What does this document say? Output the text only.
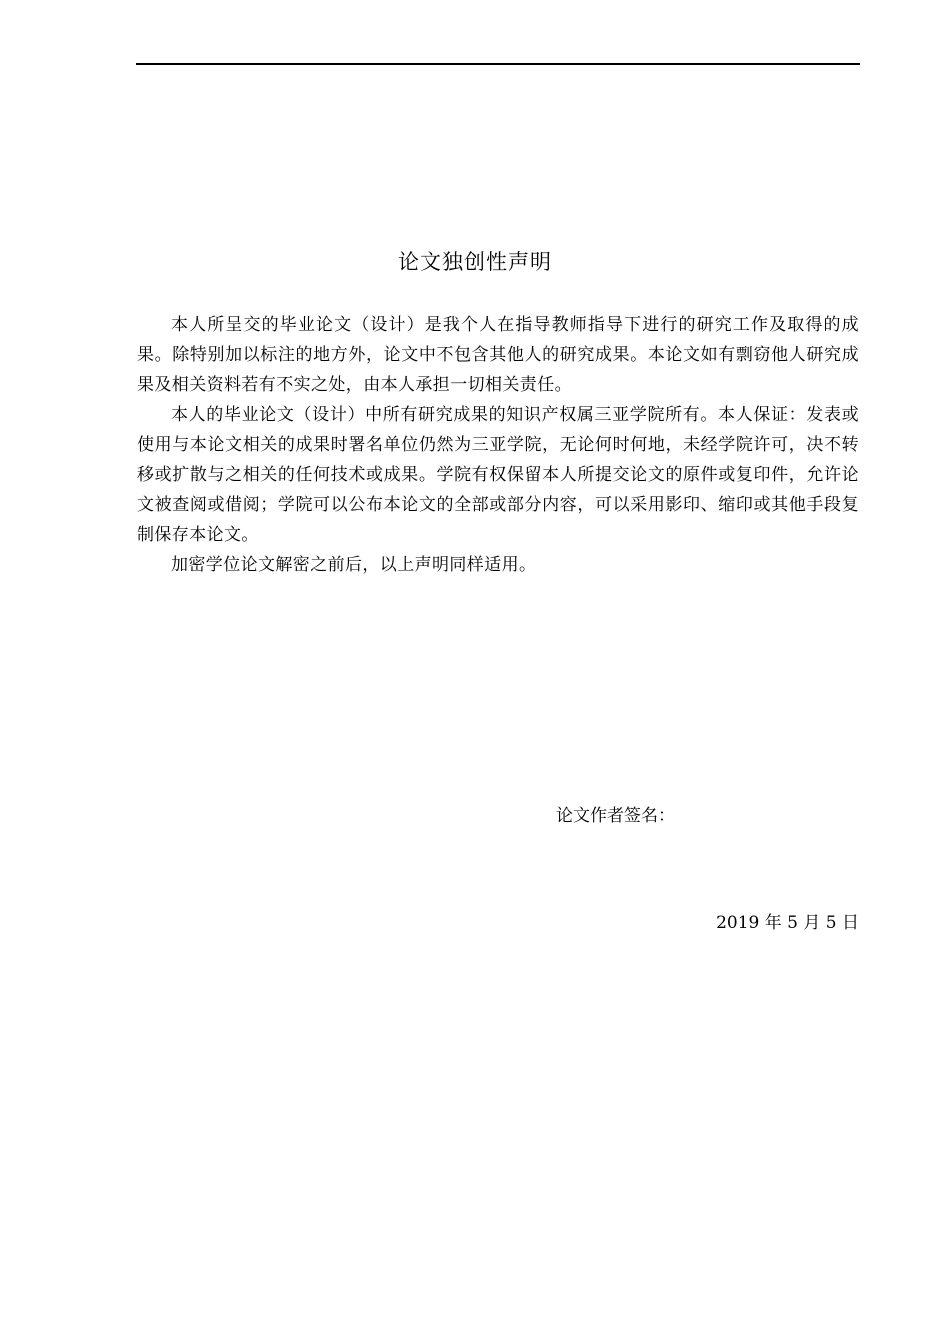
论文独创性声明

本人所呈交的毕业论文（设计）是我个人在指导教师指导下进行的研究工作及取得的成果。除特别加以标注的地方外，论文中不包含其他人的研究成果。本论文如有剽窃他人研究成果及相关资料若有不实之处，由本人承担一切相关责任。

本人的毕业论文（设计）中所有研究成果的知识产权属三亚学院所有。本人保证：发表或使用与本论文相关的成果时署名单位仍然为三亚学院，无论何时何地，未经学院许可，决不转移或扩散与之相关的任何技术或成果。学院有权保留本人所提交论文的原件或复印件，允许论文被查阅或借阅；学院可以公布本论文的全部或部分内容，可以采用影印、缩印或其他手段复制保存本论文。

加密学位论文解密之前后，以上声明同样适用。

论文作者签名：
2019 年 5 月 5 日
